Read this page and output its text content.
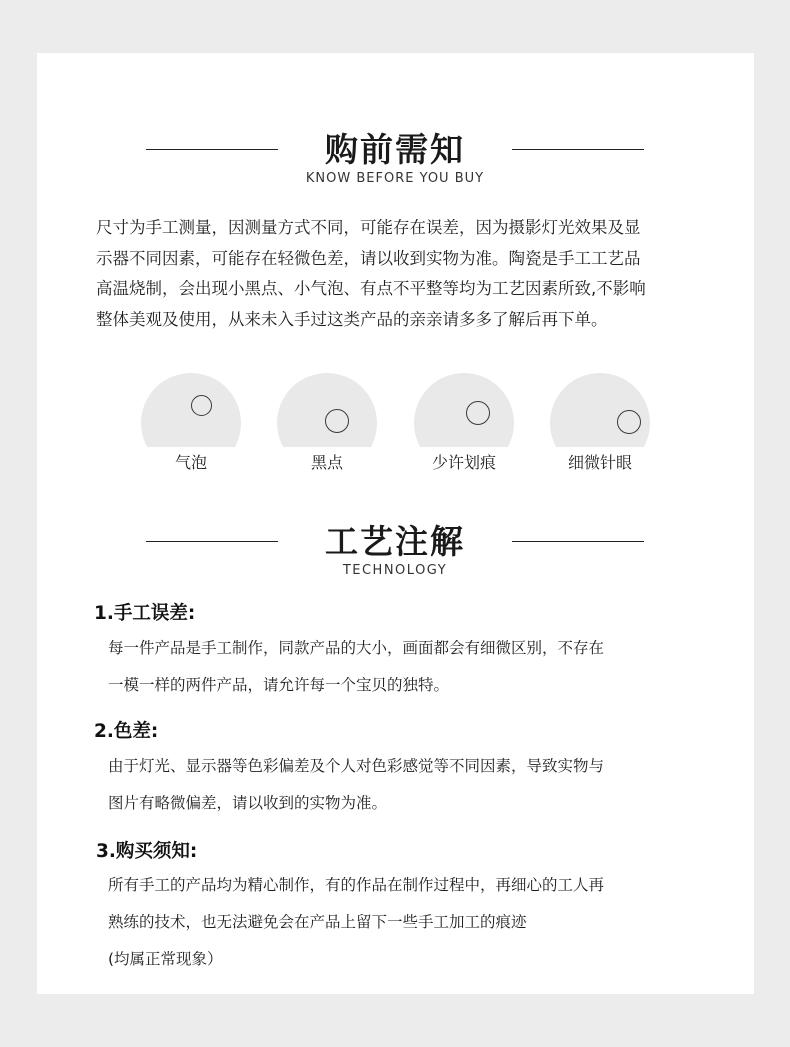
购前需知
KNOW BEFORE YOU BUY
尺寸为手工测量，因测量方式不同，可能存在误差，因为摄影灯光效果及显
示器不同因素，可能存在轻微色差，请以收到实物为准。陶瓷是手工工艺品
高温烧制，会出现小黑点、小气泡、有点不平整等均为工艺因素所致,不影响
整体美观及使用，从来未入手过这类产品的亲亲请多多了解后再下单。
气泡	黑点	少许划痕	细微针眼
工艺注解
TECHNOLOGY
1.手工误差:
每一件产品是手工制作，同款产品的大小，画面都会有细微区别，不存在
一模一样的两件产品，请允许每一个宝贝的独特。
2.色差:
由于灯光、显示器等色彩偏差及个人对色彩感觉等不同因素，导致实物与
图片有略微偏差，请以收到的实物为准。
3.购买须知:
所有手工的产品均为精心制作，有的作品在制作过程中，再细心的工人再
熟练的技术，也无法避免会在产品上留下一些手工加工的痕迹
(均属正常现象）
